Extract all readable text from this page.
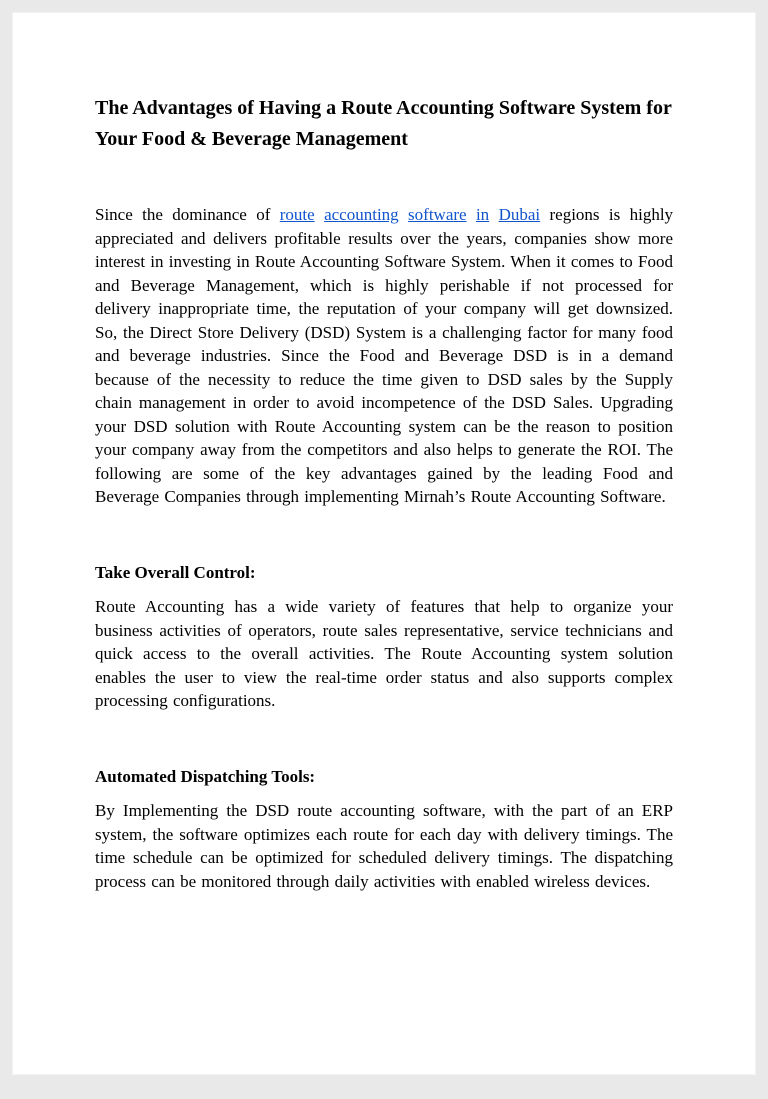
The Advantages of Having a Route Accounting Software System for Your Food & Beverage Management

Since the dominance of route accounting software in Dubai regions is highly appreciated and delivers profitable results over the years, companies show more interest in investing in Route Accounting Software System. When it comes to Food and Beverage Management, which is highly perishable if not processed for delivery inappropriate time, the reputation of your company will get downsized. So, the Direct Store Delivery (DSD) System is a challenging factor for many food and beverage industries. Since the Food and Beverage DSD is in a demand because of the necessity to reduce the time given to DSD sales by the Supply chain management in order to avoid incompetence of the DSD Sales. Upgrading your DSD solution with Route Accounting system can be the reason to position your company away from the competitors and also helps to generate the ROI. The following are some of the key advantages gained by the leading Food and Beverage Companies through implementing Mirnah’s Route Accounting Software.

Take Overall Control:

Route Accounting has a wide variety of features that help to organize your business activities of operators, route sales representative, service technicians and quick access to the overall activities. The Route Accounting system solution enables the user to view the real-time order status and also supports complex processing configurations.

Automated Dispatching Tools:

By Implementing the DSD route accounting software, with the part of an ERP system, the software optimizes each route for each day with delivery timings. The time schedule can be optimized for scheduled delivery timings. The dispatching process can be monitored through daily activities with enabled wireless devices.
